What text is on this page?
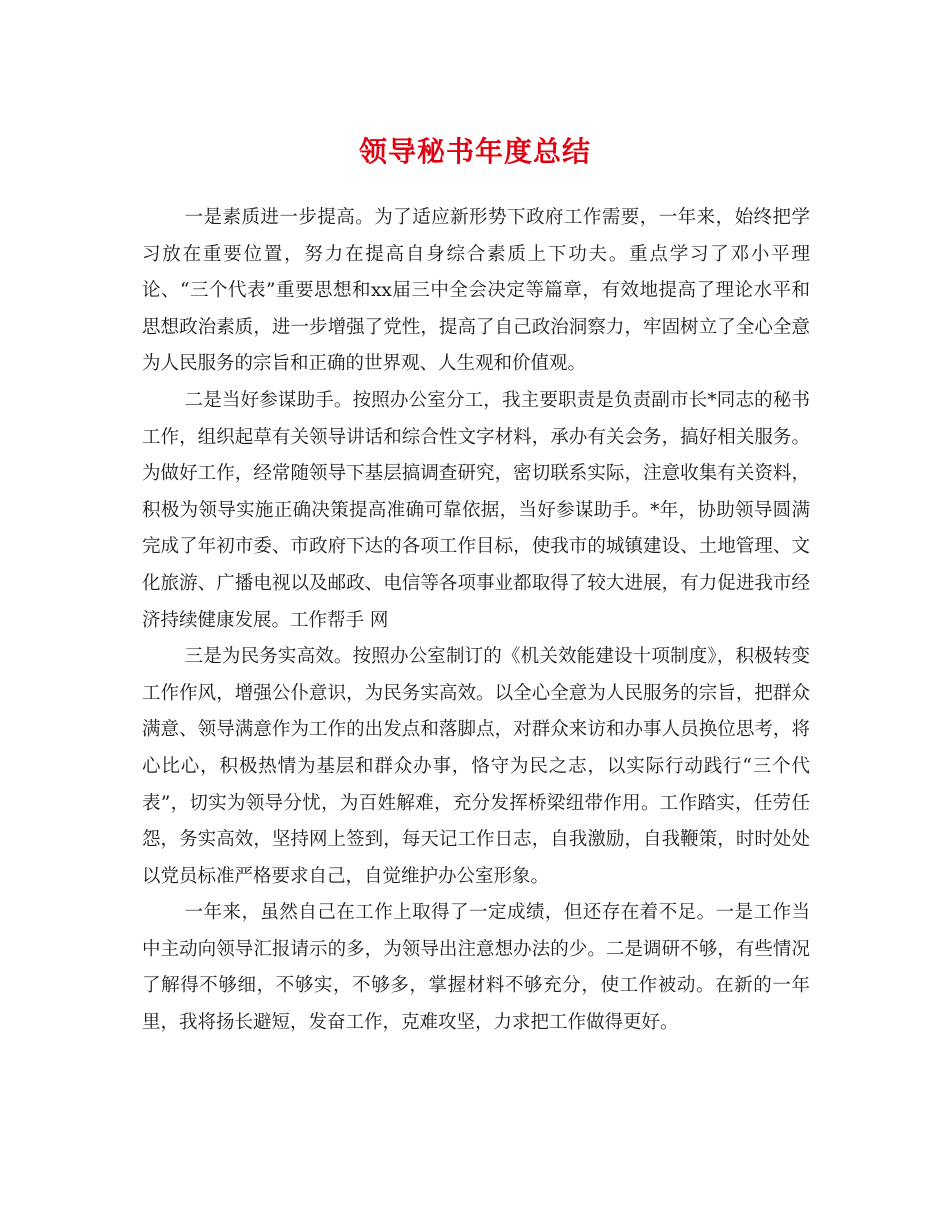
领导秘书年度总结

一是素质进一步提高。为了适应新形势下政府工作需要，一年来，始终把学习放在重要位置，努力在提高自身综合素质上下功夫。重点学习了邓小平理论、“三个代表”重要思想和xx届三中全会决定等篇章，有效地提高了理论水平和思想政治素质，进一步增强了党性，提高了自己政治洞察力，牢固树立了全心全意为人民服务的宗旨和正确的世界观、人生观和价值观。

二是当好参谋助手。按照办公室分工，我主要职责是负责副市长*同志的秘书工作，组织起草有关领导讲话和综合性文字材料，承办有关会务，搞好相关服务。为做好工作，经常随领导下基层搞调查研究，密切联系实际，注意收集有关资料，积极为领导实施正确决策提高准确可靠依据，当好参谋助手。*年，协助领导圆满完成了年初市委、市政府下达的各项工作目标，使我市的城镇建设、土地管理、文化旅游、广播电视以及邮政、电信等各项事业都取得了较大进展，有力促进我市经济持续健康发展。工作帮手 网

三是为民务实高效。按照办公室制订的《机关效能建设十项制度》，积极转变工作作风，增强公仆意识，为民务实高效。以全心全意为人民服务的宗旨，把群众满意、领导满意作为工作的出发点和落脚点，对群众来访和办事人员换位思考，将心比心，积极热情为基层和群众办事，恪守为民之志，以实际行动践行“三个代表”，切实为领导分忧，为百姓解难，充分发挥桥梁纽带作用。工作踏实，任劳任怨，务实高效，坚持网上签到，每天记工作日志，自我激励，自我鞭策，时时处处以党员标准严格要求自己，自觉维护办公室形象。

一年来，虽然自己在工作上取得了一定成绩，但还存在着不足。一是工作当中主动向领导汇报请示的多，为领导出注意想办法的少。二是调研不够，有些情况了解得不够细，不够实，不够多，掌握材料不够充分，使工作被动。在新的一年里，我将扬长避短，发奋工作，克难攻坚，力求把工作做得更好。
